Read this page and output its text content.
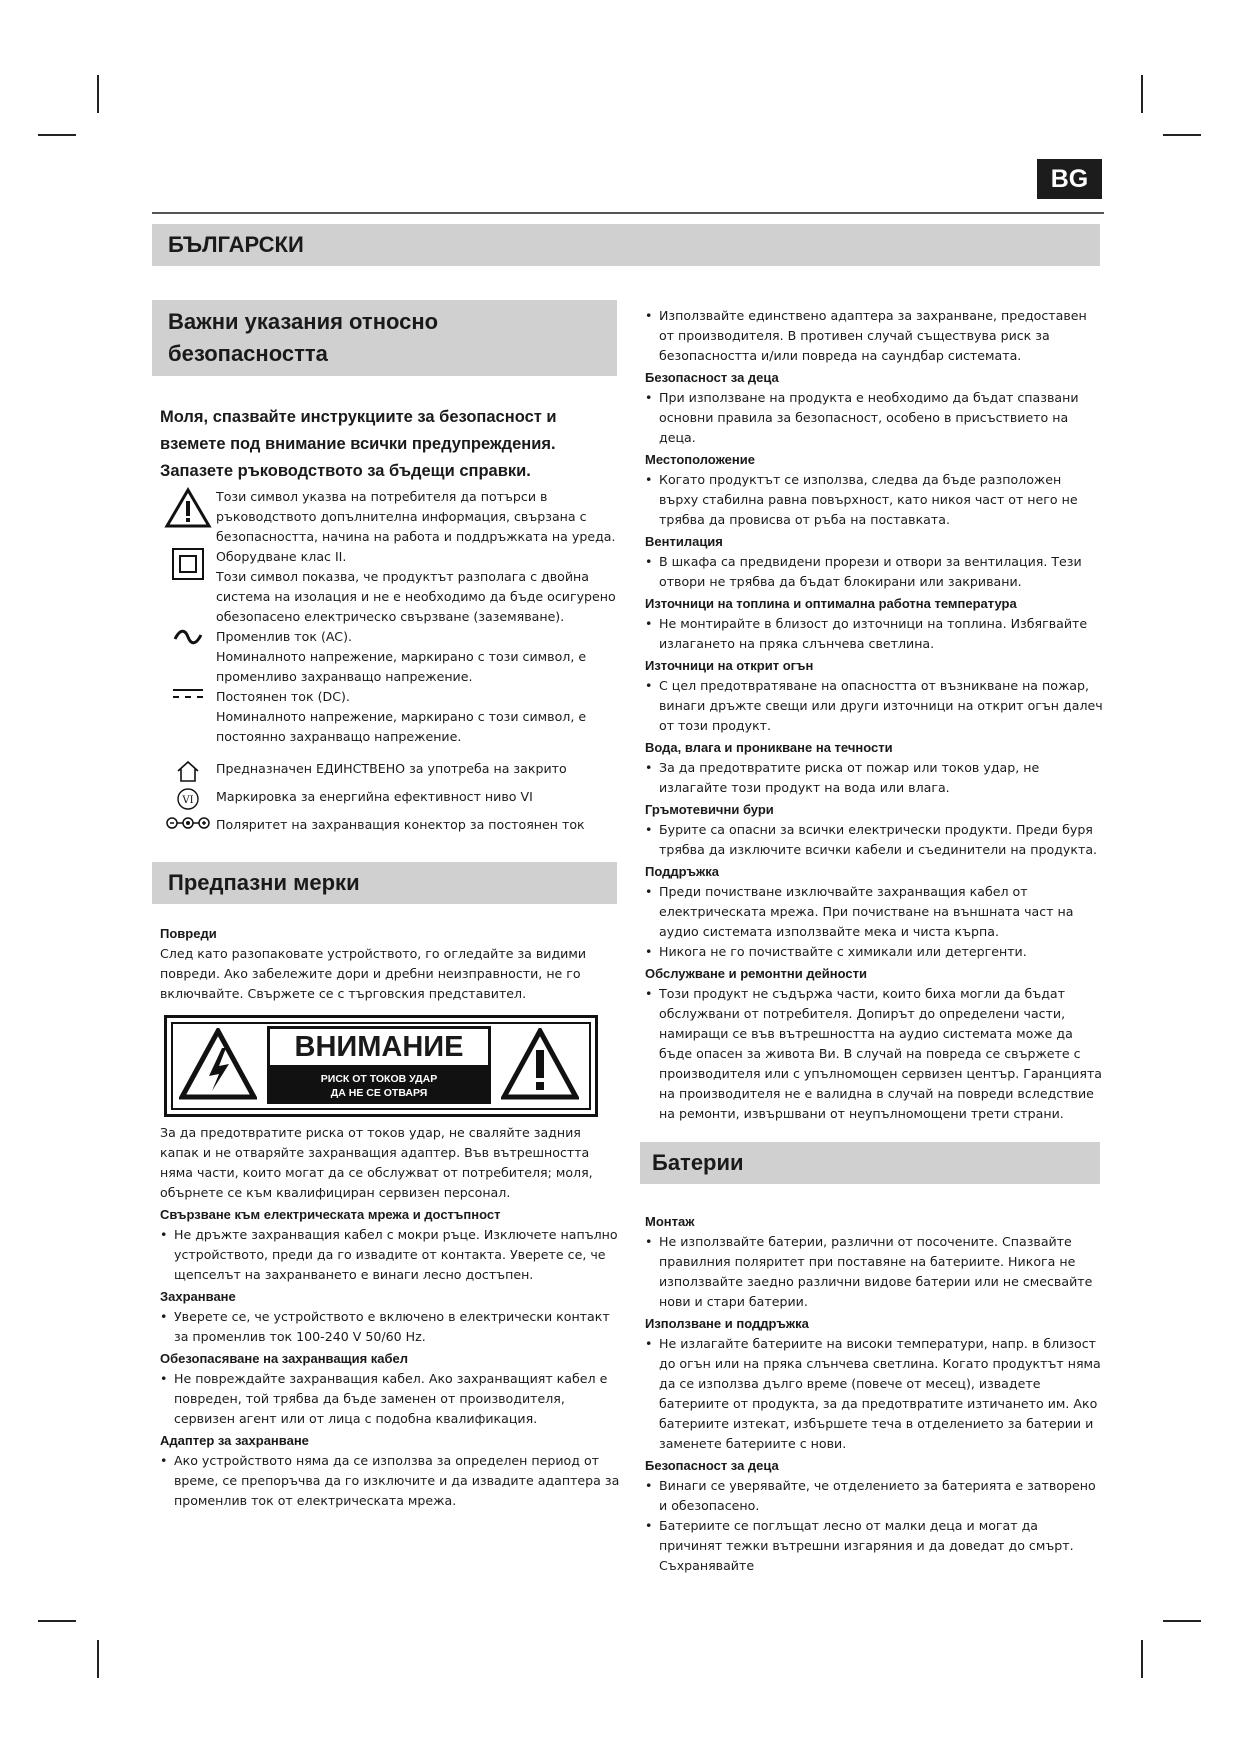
BG
БЪЛГАРСКИ
Важни указания относно безопасността
Предпазни мерки
Батерии
Моля, спазвайте инструкциите за безопасност и вземете под внимание всички предупреждения. Запазете ръководството за бъдещи справки.
Този символ указва на потребителя да потърси в ръководството допълнителна информация, свързана с безопасността, начина на работа и поддръжката на уреда.
Оборудване клас II.
Този символ показва, че продуктът разполага с двойна система на изолация и не е необходимо да бъде осигурено обезопасено електрическо свързване (заземяване).
Променлив ток (AC).
Номиналното напрежение, маркирано с този символ, е променливо захранващо напрежение.
Постоянен ток (DC).
Номиналното напрежение, маркирано с този символ, е постоянно захранващо напрежение.
Предназначен ЕДИНСТВЕНО за употреба на закрито
VI Маркировка за енергийна ефективност ниво VI
Поляритет на захранващия конектор за постоянен ток
Повреди
След като разопаковате устройството, го огледайте за видими повреди. Ако забележите дори и дребни неизправности, не го включвайте. Свържете се с търговския представител.
ВНИМАНИЕ
РИСК ОТ ТОКОВ УДАР
ДА НЕ СЕ ОТВАРЯ
За да предотвратите риска от токов удар, не сваляйте задния капак и не отваряйте захранващия адаптер. Във вътрешността няма части, които могат да се обслужват от потребителя; моля, обърнете се към квалифициран сервизен персонал.
Свързване към електрическата мрежа и достъпност
• Не дръжте захранващия кабел с мокри ръце. Изключете напълно устройството, преди да го извадите от контакта. Уверете се, че щепселът на захранването е винаги лесно достъпен.
Захранване
• Уверете се, че устройството е включено в електрически контакт за променлив ток 100-240 V 50/60 Hz.
Обезопасяване на захранващия кабел
• Не повреждайте захранващия кабел. Ако захранващият кабел е повреден, той трябва да бъде заменен от производителя, сервизен агент или от лица с подобна квалификация.
Адаптер за захранване
• Ако устройството няма да се използва за определен период от време, се препоръчва да го изключите и да извадите адаптера за променлив ток от електрическата мрежа.
• Използвайте единствено адаптера за захранване, предоставен от производителя. В противен случай съществува риск за безопасността и/или повреда на саундбар системата.
Безопасност за деца
• При използване на продукта е необходимо да бъдат спазвани основни правила за безопасност, особено в присъствието на деца.
Местоположение
• Когато продуктът се използва, следва да бъде разположен върху стабилна равна повърхност, като никоя част от него не трябва да провисва от ръба на поставката.
Вентилация
• В шкафа са предвидени прорези и отвори за вентилация. Тези отвори не трябва да бъдат блокирани или закривани.
Източници на топлина и оптимална работна температура
• Не монтирайте в близост до източници на топлина. Избягвайте излагането на пряка слънчева светлина.
Източници на открит огън
• С цел предотвратяване на опасността от възникване на пожар, винаги дръжте свещи или други източници на открит огън далеч от този продукт.
Вода, влага и проникване на течности
• За да предотвратите риска от пожар или токов удар, не излагайте този продукт на вода или влага.
Гръмотевични бури
• Бурите са опасни за всички електрически продукти. Преди буря трябва да изключите всички кабели и съединители на продукта.
Поддръжка
• Преди почистване изключвайте захранващия кабел от електрическата мрежа. При почистване на външната част на аудио системата използвайте мека и чиста кърпа.
• Никога не го почиствайте с химикали или детергенти.
Обслужване и ремонтни дейности
• Този продукт не съдържа части, които биха могли да бъдат обслужвани от потребителя. Допирът до определени части, намиращи се във вътрешността на аудио системата може да бъде опасен за живота Ви. В случай на повреда се свържете с производителя или с упълномощен сервизен център. Гаранцията на производителя не е валидна в случай на повреди вследствие на ремонти, извършвани от неупълномощени трети страни.
Монтаж
• Не използвайте батерии, различни от посочените. Спазвайте правилния поляритет при поставяне на батериите. Никога не използвайте заедно различни видове батерии или не смесвайте нови и стари батерии.
Използване и поддръжка
• Не излагайте батериите на високи температури, напр. в близост до огън или на пряка слънчева светлина. Когато продуктът няма да се използва дълго време (повече от месец), извадете батериите от продукта, за да предотвратите изтичането им. Ако батериите изтекат, избършете теча в отделението за батерии и заменете батериите с нови.
Безопасност за деца
• Винаги се уверявайте, че отделението за батерията е затворено и обезопасено.
• Батериите се поглъщат лесно от малки деца и могат да причинят тежки вътрешни изгаряния и да доведат до смърт. Съхранявайте
